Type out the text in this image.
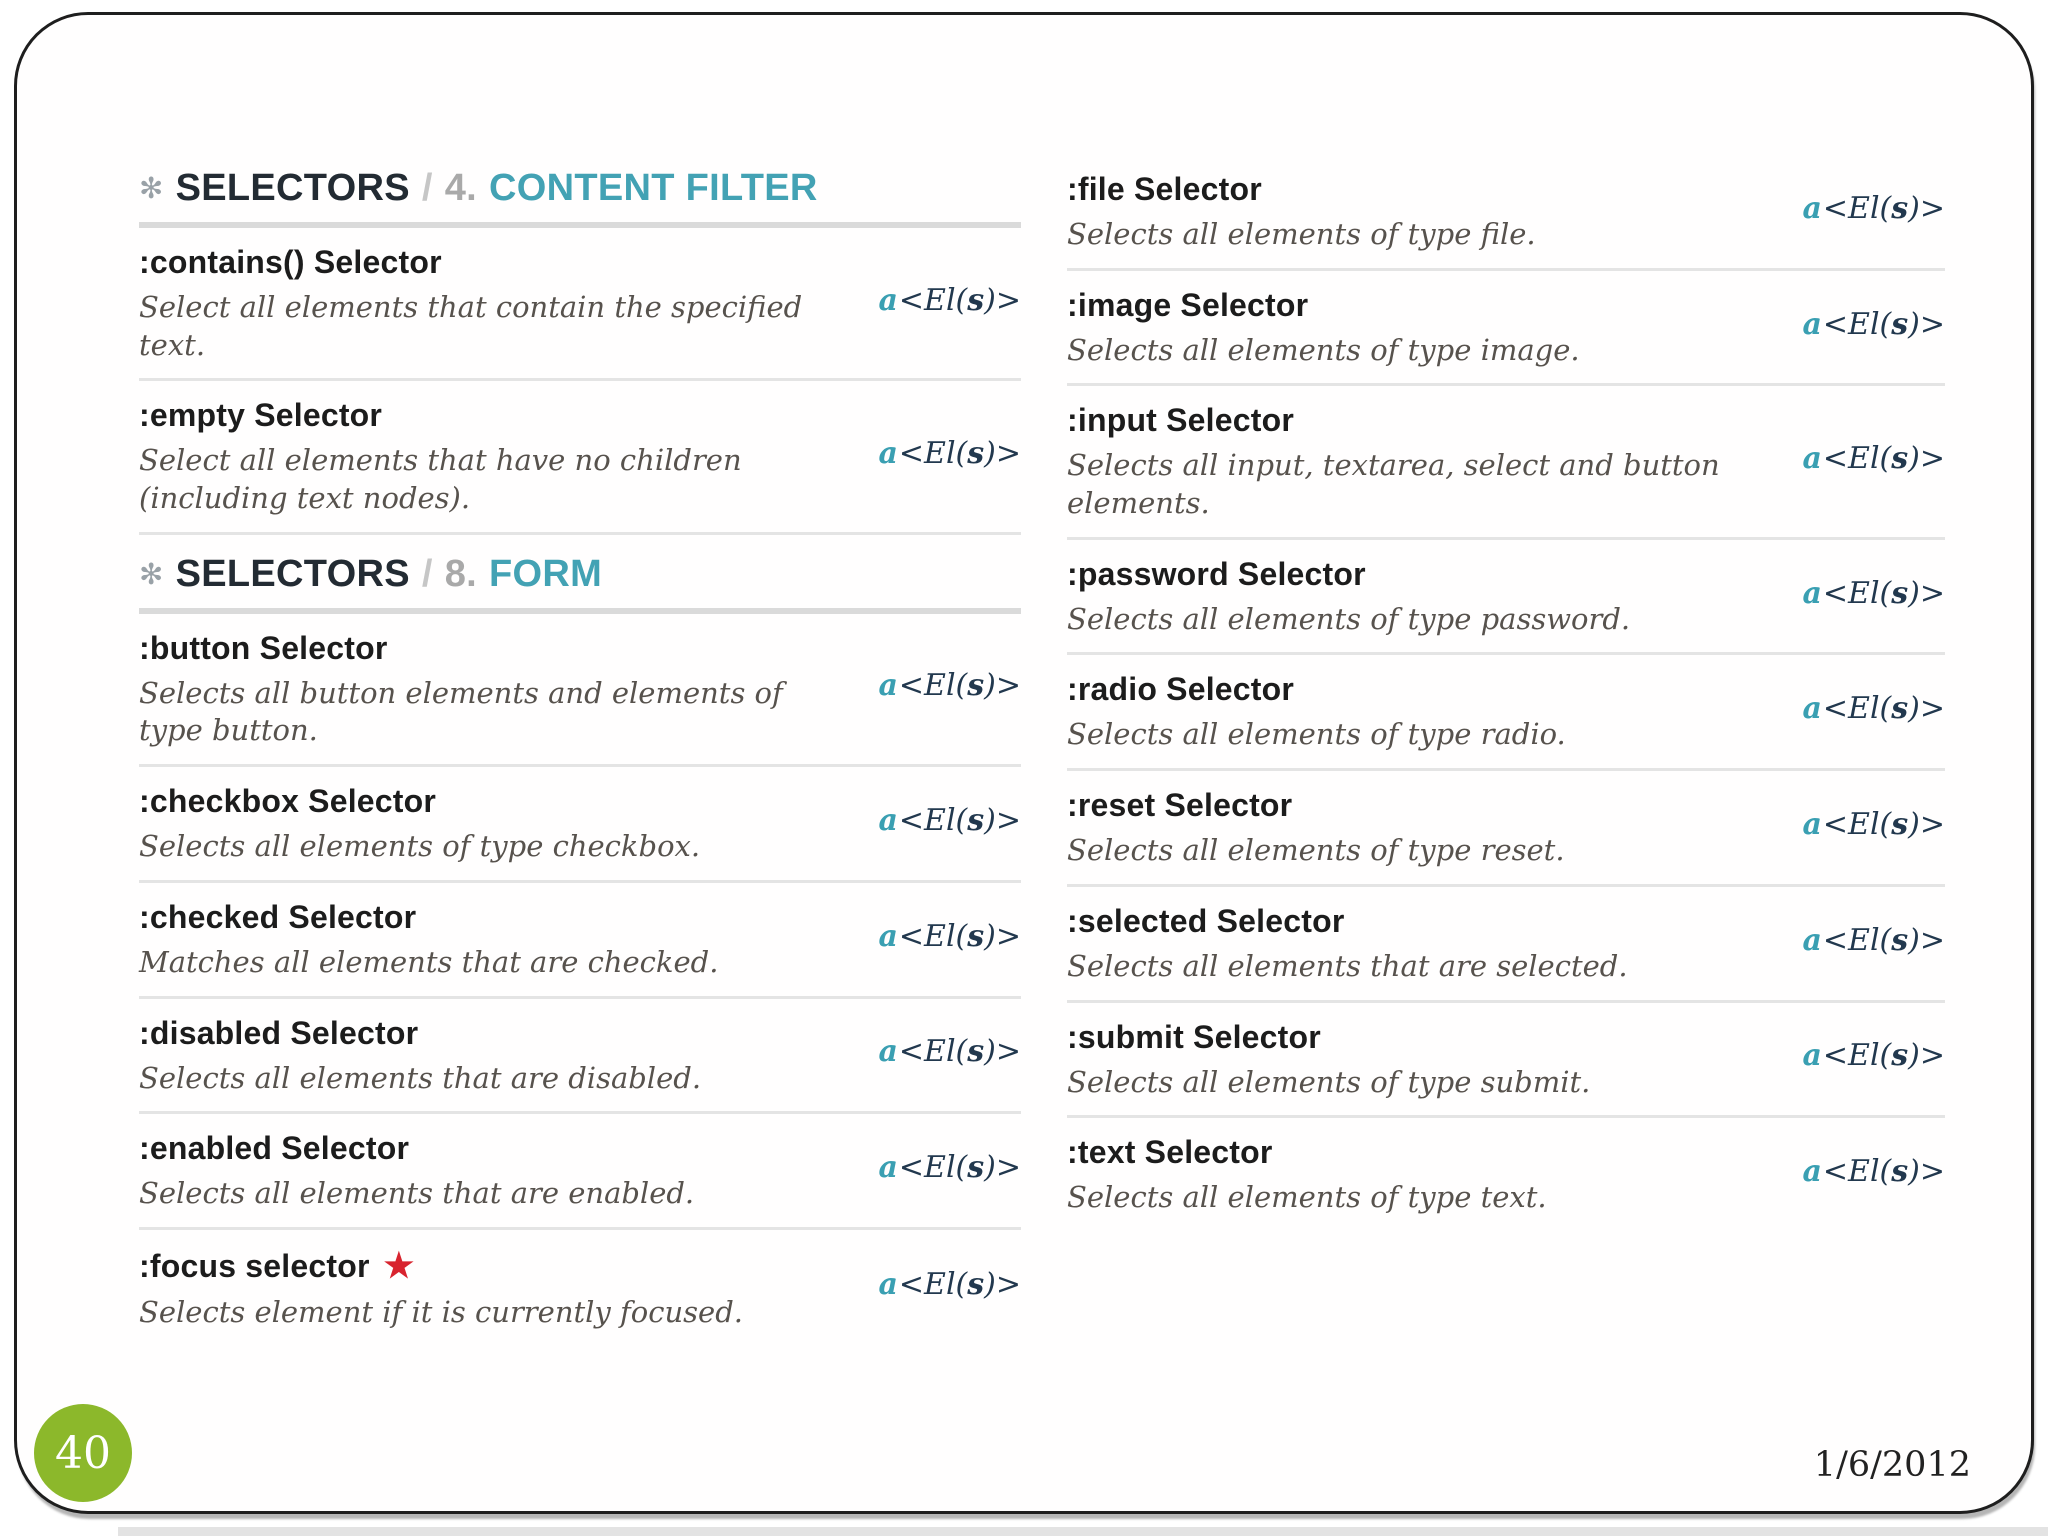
✻ SELECTORS / 4. CONTENT FILTER
:contains() Selector

Select all elements that contain the specified text.

a<El(s)>
:empty Selector

Select all elements that have no children (including text nodes).

a<El(s)>
✻ SELECTORS / 8. FORM
:button Selector

Selects all button elements and elements of type button.

a<El(s)>
:checkbox Selector

Selects all elements of type checkbox.

a<El(s)>
:checked Selector

Matches all elements that are checked.

a<El(s)>
:disabled Selector

Selects all elements that are disabled.

a<El(s)>
:enabled Selector

Selects all elements that are enabled.

a<El(s)>
:focus selector ★

Selects element if it is currently focused.

a<El(s)>
:file Selector

Selects all elements of type file.

a<El(s)>
:image Selector

Selects all elements of type image.

a<El(s)>
:input Selector

Selects all input, textarea, select and button elements.

a<El(s)>
:password Selector

Selects all elements of type password.

a<El(s)>
:radio Selector

Selects all elements of type radio.

a<El(s)>
:reset Selector

Selects all elements of type reset.

a<El(s)>
:selected Selector

Selects all elements that are selected.

a<El(s)>
:submit Selector

Selects all elements of type submit.

a<El(s)>
:text Selector

Selects all elements of type text.

a<El(s)>
1/6/2012
40
